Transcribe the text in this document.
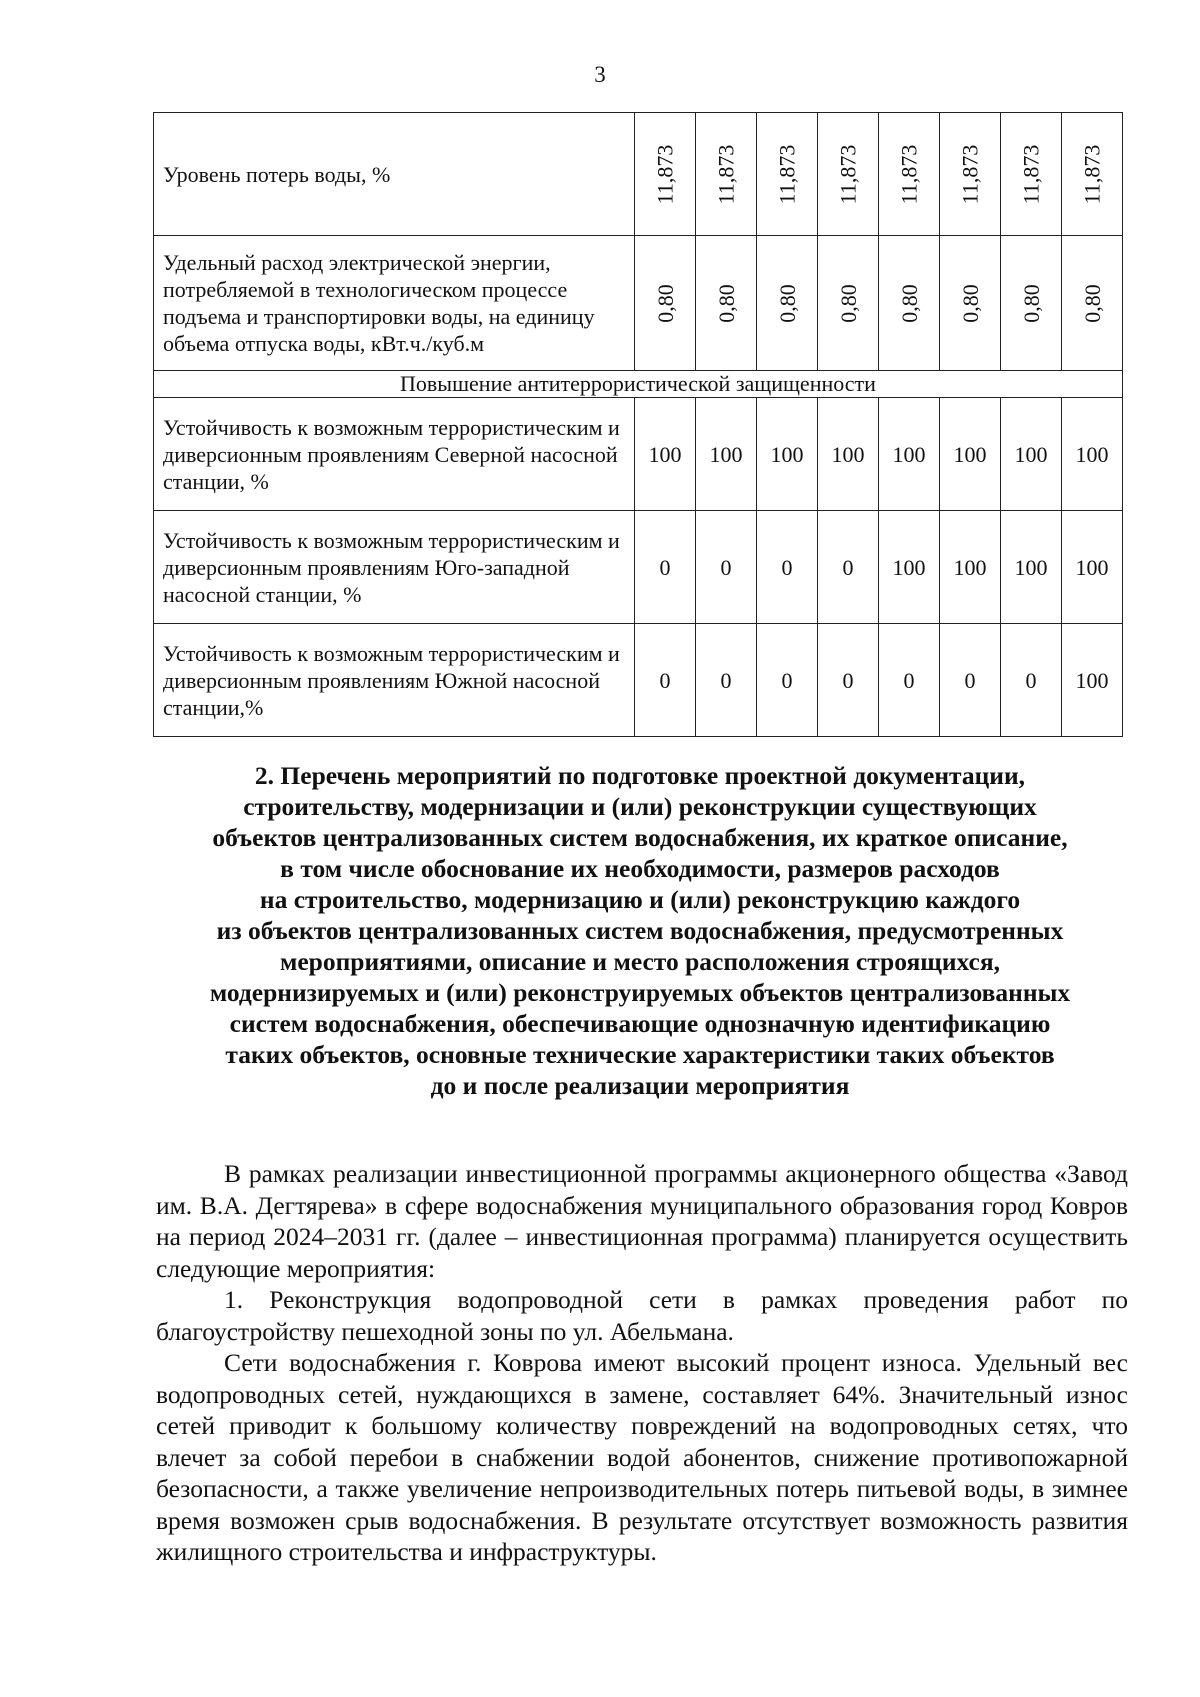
3
Уровень потерь воды, %	11,873	11,873	11,873	11,873	11,873	11,873	11,873	11,873
Удельный расход электрической энергии, потребляемой в технологическом процессе подъема и транспортировки воды, на единицу объема отпуска воды, кВт.ч./куб.м	0,80	0,80	0,80	0,80	0,80	0,80	0,80	0,80
Повышение антитеррористической защищенности								
Устойчивость к возможным террористическим и диверсионным проявлениям Северной насосной станции, %	100	100	100	100	100	100	100	100
Устойчивость к возможным террористическим и диверсионным проявлениям Юго-западной насосной станции, %	0	0	0	0	100	100	100	100
Устойчивость к возможным террористическим и диверсионным проявлениям Южной насосной станции,%	0	0	0	0	0	0	0	100
2. Перечень мероприятий по подготовке проектной документации,
строительству, модернизации и (или) реконструкции существующих
объектов централизованных систем водоснабжения, их краткое описание,
в том числе обоснование их необходимости, размеров расходов
на строительство, модернизацию и (или) реконструкцию каждого
из объектов централизованных систем водоснабжения, предусмотренных
мероприятиями, описание и место расположения строящихся,
модернизируемых и (или) реконструируемых объектов централизованных
систем водоснабжения, обеспечивающие однозначную идентификацию
таких объектов, основные технические характеристики таких объектов
до и после реализации мероприятия

В рамках реализации инвестиционной программы акционерного общества «Завод им. В.А. Дегтярева» в сфере водоснабжения муниципального образования город Ковров на период 2024–2031 гг. (далее – инвестиционная программа) планируется осуществить следующие мероприятия:

1. Реконструкция водопроводной сети в рамках проведения работ по благоустройству пешеходной зоны по ул. Абельмана.

Сети водоснабжения г. Коврова имеют высокий процент износа. Удельный вес водопроводных сетей, нуждающихся в замене, составляет 64%. Значительный износ сетей приводит к большому количеству повреждений на водопроводных сетях, что влечет за собой перебои в снабжении водой абонентов, снижение противопожарной безопасности, а также увеличение непроизводительных потерь питьевой воды, в зимнее время возможен срыв водоснабжения. В результате отсутствует возможность развития жилищного строительства и инфраструктуры.
